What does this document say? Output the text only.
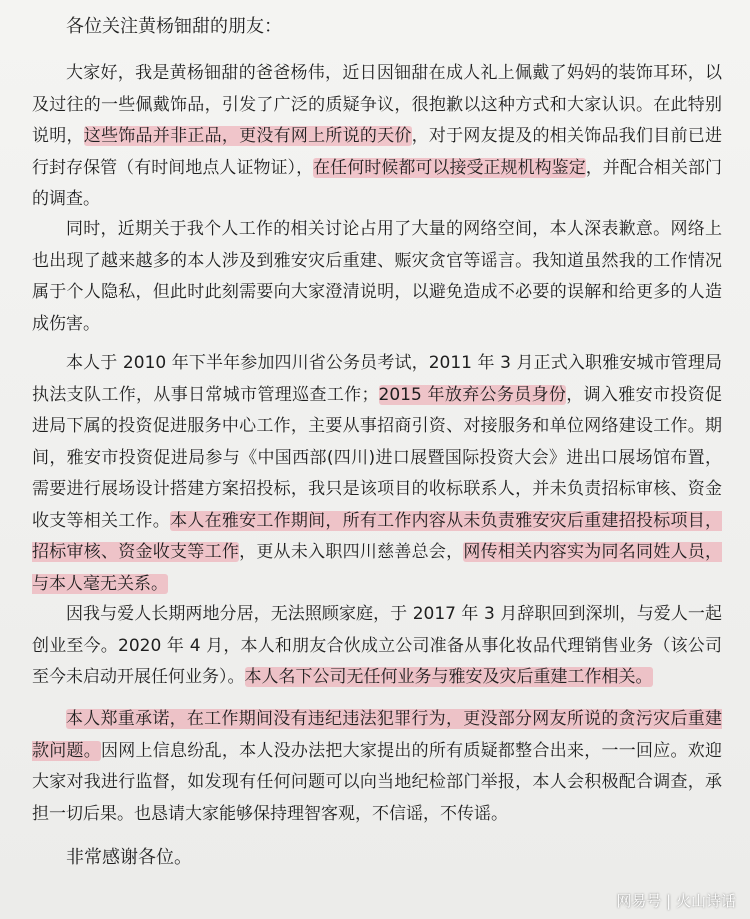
各位关注黄杨钿甜的朋友：

大家好，我是黄杨钿甜的爸爸杨伟，近日因钿甜在成人礼上佩戴了妈妈的装饰耳环，以及过往的一些佩戴饰品，引发了广泛的质疑争议，很抱歉以这种方式和大家认识。在此特别说明，这些饰品并非正品，更没有网上所说的天价，对于网友提及的相关饰品我们目前已进行封存保管（有时间地点人证物证），在任何时候都可以接受正规机构鉴定，并配合相关部门的调查。

同时，近期关于我个人工作的相关讨论占用了大量的网络空间，本人深表歉意。网络上也出现了越来越多的本人涉及到雅安灾后重建、赈灾贪官等谣言。我知道虽然我的工作情况属于个人隐私，但此时此刻需要向大家澄清说明，以避免造成不必要的误解和给更多的人造成伤害。

本人于 2010 年下半年参加四川省公务员考试，2011 年 3 月正式入职雅安城市管理局执法支队工作，从事日常城市管理巡查工作；2015 年放弃公务员身份，调入雅安市投资促进局下属的投资促进服务中心工作，主要从事招商引资、对接服务和单位网络建设工作。期间，雅安市投资促进局参与《中国西部(四川)进口展暨国际投资大会》进出口展场馆布置，需要进行展场设计搭建方案招投标，我只是该项目的收标联系人，并未负责招标审核、资金收支等相关工作。本人在雅安工作期间，所有工作内容从未负责雅安灾后重建招投标项目，招标审核、资金收支等工作，更从未入职四川慈善总会，网传相关内容实为同名同姓人员，与本人毫无关系。

因我与爱人长期两地分居，无法照顾家庭，于 2017 年 3 月辞职回到深圳，与爱人一起创业至今。2020 年 4 月，本人和朋友合伙成立公司准备从事化妆品代理销售业务（该公司至今未启动开展任何业务）。本人名下公司无任何业务与雅安及灾后重建工作相关。

本人郑重承诺，在工作期间没有违纪违法犯罪行为，更没部分网友所说的贪污灾后重建款问题。因网上信息纷乱，本人没办法把大家提出的所有质疑都整合出来，一一回应。欢迎大家对我进行监督，如发现有任何问题可以向当地纪检部门举报，本人会积极配合调查，承担一切后果。也恳请大家能够保持理智客观，不信谣，不传谣。

非常感谢各位。
网易号 | 火山诗话
